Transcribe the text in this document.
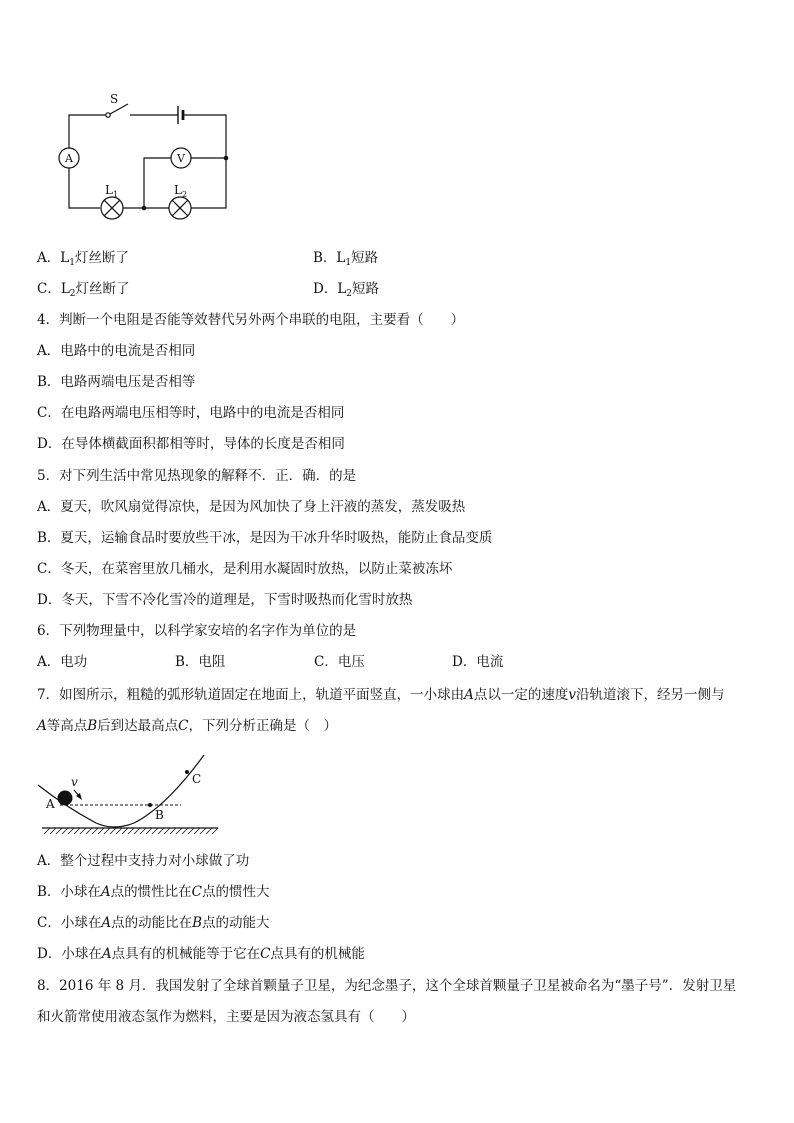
S
A	V
$L_1$	$L_2$
A．$L_1$灯丝断了	B．$L_1$短路
C．$L_2$灯丝断了	D．$L_2$短路
4．判断一个电阻是否能等效替代另外两个串联的电阻，主要看（　　）
A．电路中的电流是否相同
B．电路两端电压是否相等
C．在电路两端电压相等时，电路中的电流是否相同
D．在导体横截面积都相等时，导体的长度是否相同
5．对下列生活中常见热现象的解释不．正．确．的是
A．夏天，吹风扇觉得凉快，是因为风加快了身上汗液的蒸发，蒸发吸热
B．夏天，运输食品时要放些干冰，是因为干冰升华时吸热，能防止食品变质
C．冬天，在菜窖里放几桶水，是利用水凝固时放热，以防止菜被冻坏
D．冬天，下雪不冷化雪冷的道理是，下雪时吸热而化雪时放热
6．下列物理量中，以科学家安培的名字作为单位的是
A．电功	B．电阻	C．电压	D．电流
7．如图所示，粗糙的弧形轨道固定在地面上，轨道平面竖直，一小球由A点以一定的速度v沿轨道滚下，经另一侧与
A等高点B后到达最高点C，下列分析正确是（　）
v
A
B
C
A．整个过程中支持力对小球做了功
B．小球在A点的惯性比在C点的惯性大
C．小球在A点的动能比在B点的动能大
D．小球在A点具有的机械能等于它在C点具有的机械能
8．2016 年 8 月．我国发射了全球首颗量子卫星，为纪念墨子，这个全球首颗量子卫星被命名为“墨子号”．发射卫星
和火箭常使用液态氢作为燃料，主要是因为液态氢具有（　　）
